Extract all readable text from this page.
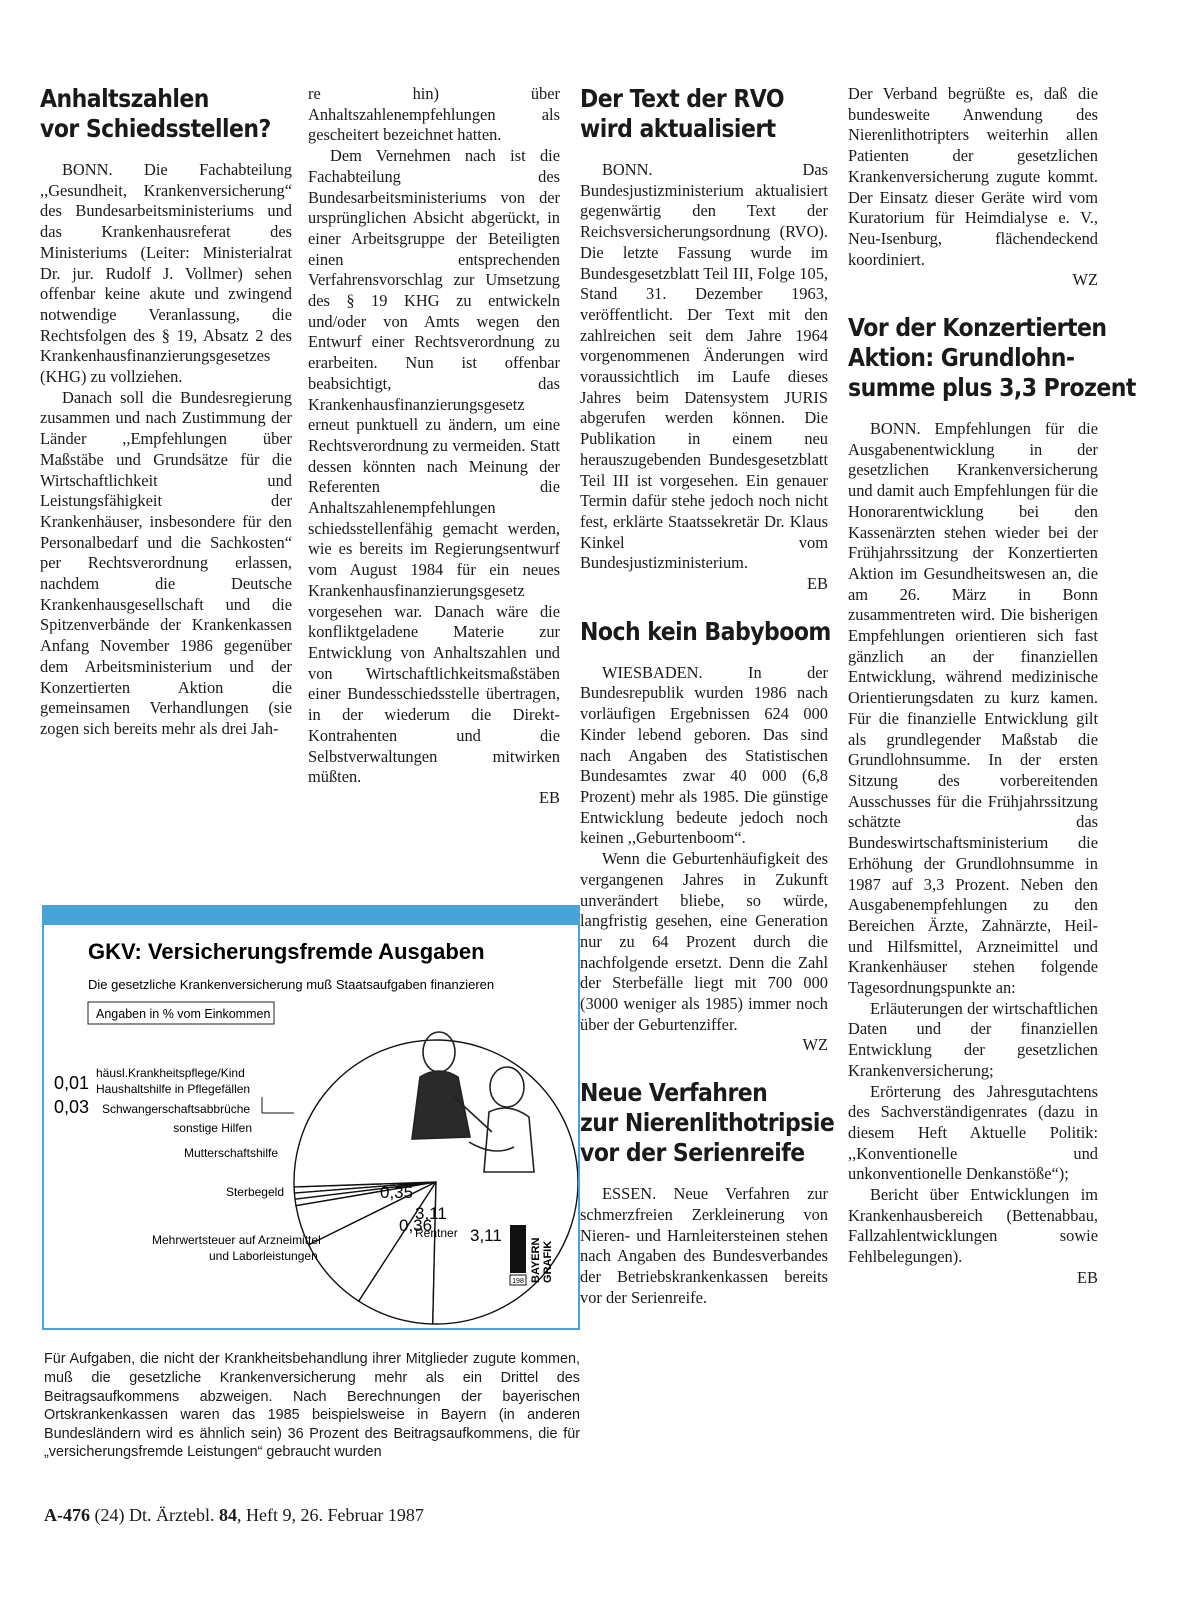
Anhaltszahlen
vor Schiedsstellen?

BONN. Die Fachabteilung ,,Gesundheit, Krankenversicherung“ des Bundesarbeitsministeriums und das Krankenhausreferat des Ministeriums (Leiter: Ministerialrat Dr. jur. Rudolf J. Vollmer) sehen offenbar keine akute und zwingend notwendige Veranlassung, die Rechtsfolgen des § 19, Absatz 2 des Krankenhausfinanzierungsgesetzes (KHG) zu vollziehen.

Danach soll die Bundesregierung zusammen und nach Zustimmung der Länder ,,Empfehlungen über Maßstäbe und Grundsätze für die Wirtschaftlichkeit und Leistungsfähigkeit der Krankenhäuser, insbesondere für den Personalbedarf und die Sachkosten“ per Rechtsverordnung erlassen, nachdem die Deutsche Krankenhausgesellschaft und die Spitzenverbände der Krankenkassen Anfang November 1986 gegenüber dem Arbeitsministerium und der Konzertierten Aktion die gemeinsamen Verhandlungen (sie zogen sich bereits mehr als drei Jah-

re hin) über Anhaltszahlenempfehlungen als gescheitert bezeichnet hatten.

Dem Vernehmen nach ist die Fachabteilung des Bundesarbeitsministeriums von der ursprünglichen Absicht abgerückt, in einer Arbeitsgruppe der Beteiligten einen entsprechenden Verfahrensvorschlag zur Umsetzung des § 19 KHG zu entwickeln und/oder von Amts wegen den Entwurf einer Rechtsverordnung zu erarbeiten. Nun ist offenbar beabsichtigt, das Krankenhausfinanzierungsgesetz erneut punktuell zu ändern, um eine Rechtsverordnung zu vermeiden. Statt dessen könnten nach Meinung der Referenten die Anhaltszahlenempfehlungen schiedsstellenfähig gemacht werden, wie es bereits im Regierungsentwurf vom August 1984 für ein neues Krankenhausfinanzierungsgesetz vorgesehen war. Danach wäre die konfliktgeladene Materie zur Entwicklung von Anhaltszahlen und von Wirtschaftlichkeitsmaßstäben einer Bundesschiedsstelle übertragen, in der wiederum die Direkt-Kontrahenten und die Selbstverwaltungen mitwirken müßten.

EB

Der Text der RVO
wird aktualisiert

BONN. Das Bundesjustizministerium aktualisiert gegenwärtig den Text der Reichsversicherungsordnung (RVO). Die letzte Fassung wurde im Bundesgesetzblatt Teil III, Folge 105, Stand 31. Dezember 1963, veröffentlicht. Der Text mit den zahlreichen seit dem Jahre 1964 vorgenommenen Änderungen wird voraussichtlich im Laufe dieses Jahres beim Datensystem JURIS abgerufen werden können. Die Publikation in einem neu herauszugebenden Bundesgesetzblatt Teil III ist vorgesehen. Ein genauer Termin dafür stehe jedoch noch nicht fest, erklärte Staatssekretär Dr. Klaus Kinkel vom Bundesjustizministerium.

EB

Noch kein Babyboom

WIESBADEN. In der Bundesrepublik wurden 1986 nach vorläufigen Ergebnissen 624 000 Kinder lebend geboren. Das sind nach Angaben des Statistischen Bundesamtes zwar 40 000 (6,8 Prozent) mehr als 1985. Die günstige Entwicklung bedeute jedoch noch keinen ,,Geburtenboom“.

Wenn die Geburtenhäufigkeit des vergangenen Jahres in Zukunft unverändert bliebe, so würde, langfristig gesehen, eine Generation nur zu 64 Prozent durch die nachfolgende ersetzt. Denn die Zahl der Sterbefälle liegt mit 700 000 (3000 weniger als 1985) immer noch über der Geburtenziffer.

WZ

Neue Verfahren
zur Nierenlithotripsie
vor der Serienreife

ESSEN. Neue Verfahren zur schmerzfreien Zerkleinerung von Nieren- und Harnleitersteinen stehen nach Angaben des Bundesverbandes der Betriebskrankenkassen bereits vor der Serienreife.

Der Verband begrüßte es, daß die bundesweite Anwendung des Nierenlithotripters weiterhin allen Patienten der gesetzlichen Krankenversicherung zugute kommt. Der Einsatz dieser Geräte wird vom Kuratorium für Heimdialyse e. V., Neu-Isenburg, flächendeckend koordiniert.

WZ

Vor der Konzertierten
Aktion: Grundlohn-
summe plus 3,3 Prozent

BONN. Empfehlungen für die Ausgabenentwicklung in der gesetzlichen Krankenversicherung und damit auch Empfehlungen für die Honorarentwicklung bei den Kassenärzten stehen wieder bei der Frühjahrssitzung der Konzertierten Aktion im Gesundheitswesen an, die am 26. März in Bonn zusammentreten wird. Die bisherigen Empfehlungen orientieren sich fast gänzlich an der finanziellen Entwicklung, während medizinische Orientierungsdaten zu kurz kamen. Für die finanzielle Entwicklung gilt als grundlegender Maßstab die Grundlohnsumme. In der ersten Sitzung des vorbereitenden Ausschusses für die Frühjahrssitzung schätzte das Bundeswirtschaftsministerium die Erhöhung der Grundlohnsumme in 1987 auf 3,3 Prozent. Neben den Ausgabenempfehlungen zu den Bereichen Ärzte, Zahnärzte, Heil- und Hilfsmittel, Arzneimittel und Krankenhäuser stehen folgende Tagesordnungspunkte an:

Erläuterungen der wirtschaftlichen Daten und der finanziellen Entwicklung der gesetzlichen Krankenversicherung;

Erörterung des Jahresgutachtens des Sachverständigenrates (dazu in diesem Heft Aktuelle Politik: ,,Konventionelle und unkonventionelle Denkanstöße“);

Bericht über Entwicklungen im Krankenhausbereich (Bettenabbau, Fallzahlentwicklungen sowie Fehlbelegungen).

EB

GKV: Versicherungsfremde Ausgaben
Die gesetzliche Krankenversicherung muß Staatsaufgaben finanzieren
Angaben in % vom Einkommen
0,35
0,36
3,11
häusl.Krankheitspflege/Kind
Haushaltshilfe in Pflegefällen
Schwangerschaftsabbrüche
sonstige Hilfen
Mutterschaftshilfe
Sterbegeld
Mehrwertsteuer auf Arzneimittel
und Laborleistungen
Rentner
3,11
0,01
0,03
198 BAYERN GRAFIK

Für Aufgaben, die nicht der Krankheitsbehandlung ihrer Mitglieder zugute kommen, muß die gesetzliche Krankenversicherung mehr als ein Drittel des Beitragsaufkommens abzweigen. Nach Berechnungen der bayerischen Ortskrankenkassen waren das 1985 beispielsweise in Bayern (in anderen Bundesländern wird es ähnlich sein) 36 Prozent des Beitragsaufkommens, die für „versicherungsfremde Leistungen“ gebraucht wurden

A-476 (24) Dt. Ärztebl. 84, Heft 9, 26. Februar 1987
